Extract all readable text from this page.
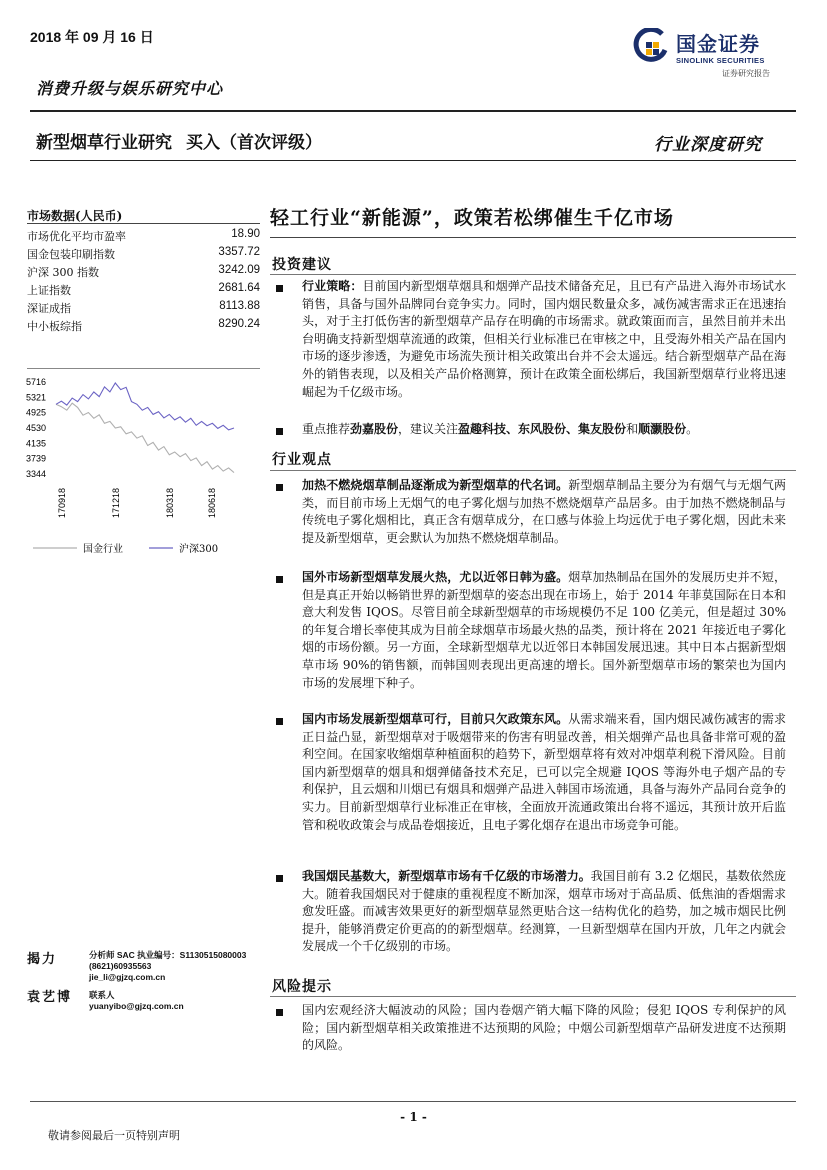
2018 年 09 月 16 日	国金证券
SINOLINK SECURITIES
证券研究报告
消费升级与娱乐研究中心
新型烟草行业研究 买入（首次评级）	行业深度研究
市场数据(人民币)
市场优化平均市盈率	18.90
国金包装印刷指数	3357.72
沪深 300 指数	3242.09
上证指数	2681.64
深证成指	8113.88
中小板综指	8290.24
5716
5321
4925
4530
4135
3739
3344
170918	171218	180318	180618
国金行业	沪深300
揭力	分析师 SAC 执业编号：S1130515080003
(8621)60935563
jie_li@gjzq.com.cn
袁艺博 联系人
yuanyibo@gjzq.com.cn
轻工行业“新能源”，政策若松绑催生千亿市场
投资建议
行业策略：目前国内新型烟草烟具和烟弹产品技术储备充足，且已有产品进入海外市场试水销售，具备与国外品牌同台竞争实力。同时，国内烟民数量众多，减伤减害需求正在迅速抬头，对于主打低伤害的新型烟草产品存在明确的市场需求。就政策面而言，虽然目前并未出台明确支持新型烟草流通的政策，但相关行业标准已在审核之中，且受海外相关产品在国内市场的逐步渗透，为避免市场流失预计相关政策出台并不会太遥远。结合新型烟草产品在海外的销售表现，以及相关产品价格测算，预计在政策全面松绑后，我国新型烟草行业将迅速崛起为千亿级市场。
重点推荐劲嘉股份，建议关注盈趣科技、东风股份、集友股份和顺灏股份。
行业观点
加热不燃烧烟草制品逐渐成为新型烟草的代名词。新型烟草制品主要分为有烟气与无烟气两类，而目前市场上无烟气的电子雾化烟与加热不燃烧烟草产品居多。由于加热不燃烧制品与传统电子雾化烟相比，真正含有烟草成分，在口感与体验上均远优于电子雾化烟，因此未来提及新型烟草，更会默认为加热不燃烧烟草制品。
国外市场新型烟草发展火热，尤以近邻日韩为盛。烟草加热制品在国外的发展历史并不短，但是真正开始以畅销世界的新型烟草的姿态出现在市场上，始于 2014 年菲莫国际在日本和意大利发售 IQOS。尽管目前全球新型烟草的市场规模仍不足 100 亿美元，但是超过 30%的年复合增长率使其成为目前全球烟草市场最火热的品类，预计将在 2021 年接近电子雾化烟的市场份额。另一方面，全球新型烟草尤以近邻日本韩国发展迅速。其中日本占据新型烟草市场 90%的销售额，而韩国则表现出更高速的增长。国外新型烟草市场的繁荣也为国内市场的发展埋下种子。
国内市场发展新型烟草可行，目前只欠政策东风。从需求端来看，国内烟民减伤减害的需求正日益凸显，新型烟草对于吸烟带来的伤害有明显改善，相关烟弹产品也具备非常可观的盈利空间。在国家收缩烟草种植面积的趋势下，新型烟草将有效对冲烟草利税下滑风险。目前国内新型烟草的烟具和烟弹储备技术充足，已可以完全规避 IQOS 等海外电子烟产品的专利保护，且云烟和川烟已有烟具和烟弹产品进入韩国市场流通，具备与海外产品同台竞争的实力。目前新型烟草行业标准正在审核，全面放开流通政策出台将不遥远，其预计放开后监管和税收政策会与成品卷烟接近，且电子雾化烟存在退出市场竞争可能。
我国烟民基数大，新型烟草市场有千亿级的市场潜力。我国目前有 3.2 亿烟民，基数依然庞大。随着我国烟民对于健康的重视程度不断加深，烟草市场对于高品质、低焦油的香烟需求愈发旺盛。而减害效果更好的新型烟草显然更贴合这一结构优化的趋势，加之城市烟民比例提升，能够消费定价更高的的新型烟草。经测算，一旦新型烟草在国内开放，几年之内就会发展成一个千亿级别的市场。
风险提示
国内宏观经济大幅波动的风险；国内卷烟产销大幅下降的风险；侵犯 IQOS 专利保护的风险；国内新型烟草相关政策推进不达预期的风险；中烟公司新型烟草产品研发进度不达预期的风险。
- 1 -
敬请参阅最后一页特别声明
